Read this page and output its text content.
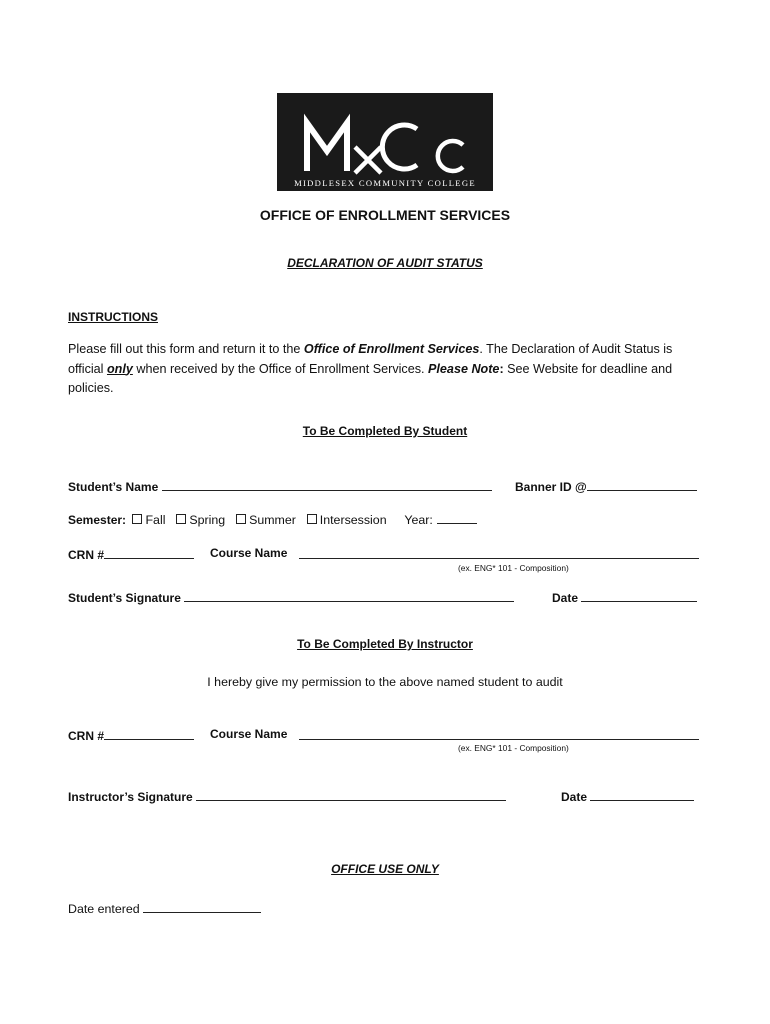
MIDDLESEX COMMUNITY COLLEGE
OFFICE OF ENROLLMENT SERVICES
DECLARATION OF AUDIT STATUS
INSTRUCTIONS
Please fill out this form and return it to the Office of Enrollment Services. The Declaration of Audit Status is official only when received by the Office of Enrollment Services. Please Note: See Website for deadline and policies.
To Be Completed By Student
Student’s Name	Banner ID @
Semester: Fall Spring Summer Intersession Year:
CRN #	Course Name
(ex. ENG* 101 - Composition)
Student’s Signature	Date
To Be Completed By Instructor
I hereby give my permission to the above named student to audit
CRN #	Course Name
(ex. ENG* 101 - Composition)
Instructor’s Signature	Date
OFFICE USE ONLY
Date entered
